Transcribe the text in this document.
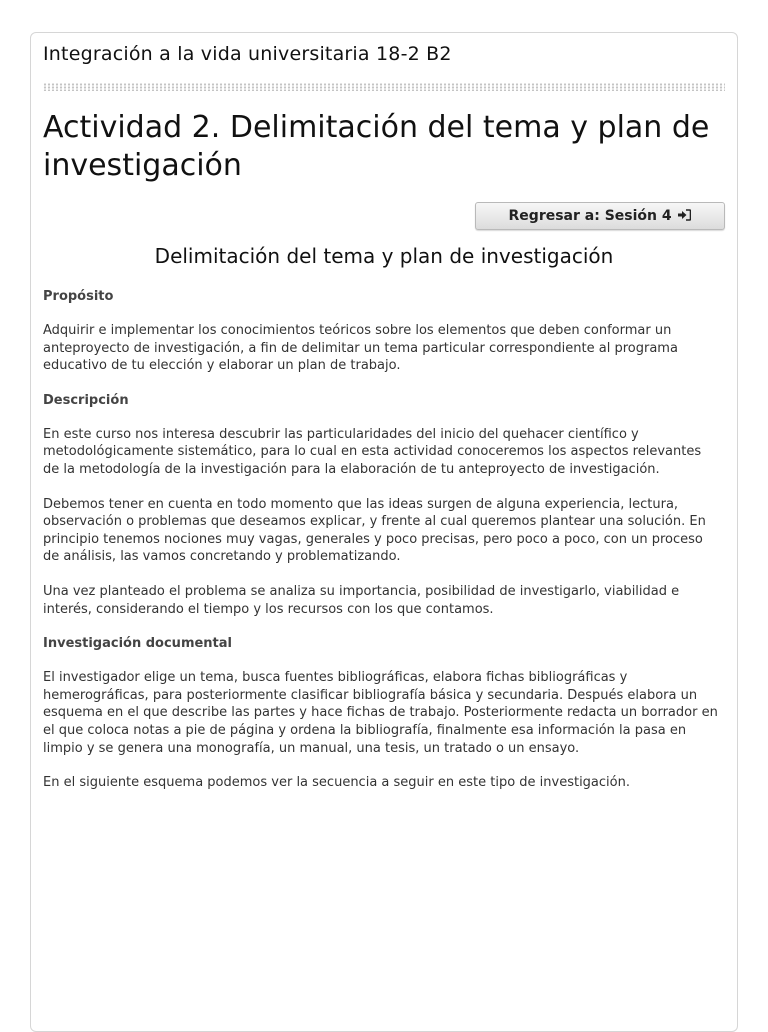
Integración a la vida universitaria 18-2 B2
Actividad 2. Delimitación del tema y plan de investigación
Regresar a: Sesión 4
Delimitación del tema y plan de investigación
Propósito

Adquirir e implementar los conocimientos teóricos sobre los elementos que deben conformar un anteproyecto de investigación, a fin de delimitar un tema particular correspondiente al programa educativo de tu elección y elaborar un plan de trabajo.

Descripción

En este curso nos interesa descubrir las particularidades del inicio del quehacer científico y metodológicamente sistemático, para lo cual en esta actividad conoceremos los aspectos relevantes de la metodología de la investigación para la elaboración de tu anteproyecto de investigación.

Debemos tener en cuenta en todo momento que las ideas surgen de alguna experiencia, lectura, observación o problemas que deseamos explicar, y frente al cual queremos plantear una solución. En principio tenemos nociones muy vagas, generales y poco precisas, pero poco a poco, con un proceso de análisis, las vamos concretando y problematizando.

Una vez planteado el problema se analiza su importancia, posibilidad de investigarlo, viabilidad e interés, considerando el tiempo y los recursos con los que contamos.

Investigación documental

El investigador elige un tema, busca fuentes bibliográficas, elabora fichas bibliográficas y hemerográficas, para posteriormente clasificar bibliografía básica y secundaria. Después elabora un esquema en el que describe las partes y hace fichas de trabajo. Posteriormente redacta un borrador en el que coloca notas a pie de página y ordena la bibliografía, finalmente esa información la pasa en limpio y se genera una monografía, un manual, una tesis, un tratado o un ensayo.

En el siguiente esquema podemos ver la secuencia a seguir en este tipo de investigación.
